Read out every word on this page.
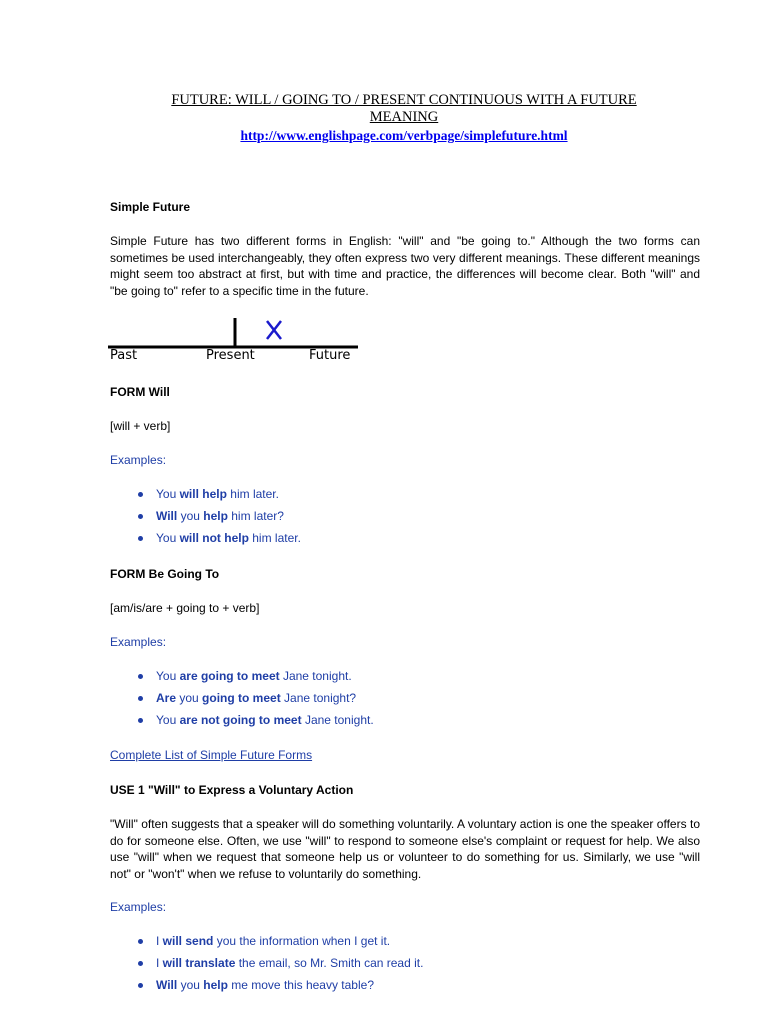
FUTURE: WILL / GOING TO / PRESENT CONTINUOUS WITH A FUTURE
MEANING
http://www.englishpage.com/verbpage/simplefuture.html
Simple Future
Simple Future has two different forms in English: "will" and "be going to." Although the two forms can sometimes be used interchangeably, they often express two very different meanings. These different meanings might seem too abstract at first, but with time and practice, the differences will become clear. Both "will" and "be going to" refer to a specific time in the future.
Past	Present	Future
FORM Will
[will + verb]
Examples:
You will help him later.
Will you help him later?
You will not help him later.
FORM Be Going To
[am/is/are + going to + verb]
Examples:
You are going to meet Jane tonight.
Are you going to meet Jane tonight?
You are not going to meet Jane tonight.
Complete List of Simple Future Forms
USE 1 "Will" to Express a Voluntary Action
"Will" often suggests that a speaker will do something voluntarily. A voluntary action is one the speaker offers to do for someone else. Often, we use "will" to respond to someone else's complaint or request for help. We also use "will" when we request that someone help us or volunteer to do something for us. Similarly, we use "will not" or "won't" when we refuse to voluntarily do something.
Examples:
I will send you the information when I get it.
I will translate the email, so Mr. Smith can read it.
Will you help me move this heavy table?
